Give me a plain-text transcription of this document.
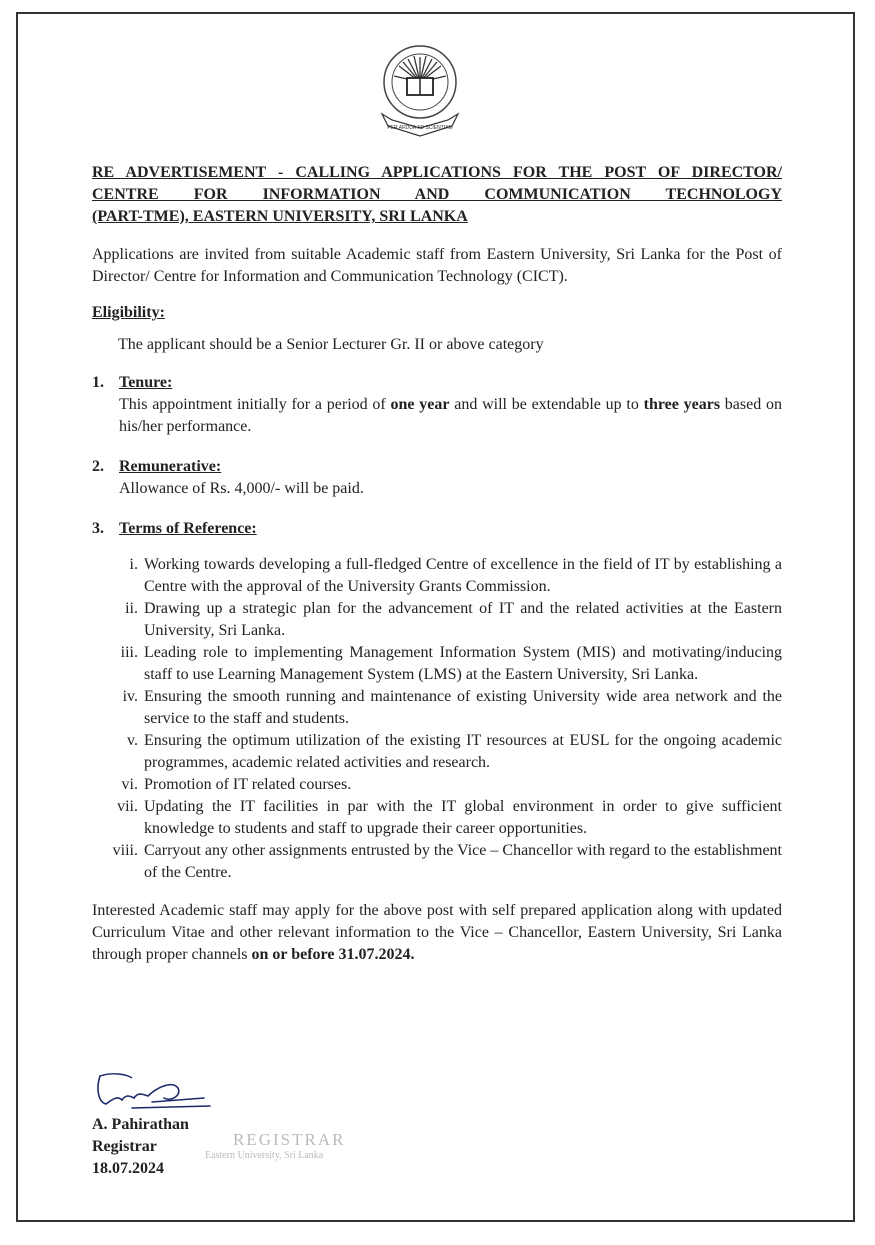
PER ARDUA AD SCIENTIAM
RE ADVERTISEMENT - CALLING APPLICATIONS FOR THE POST OF DIRECTOR/
CENTRE FOR INFORMATION AND COMMUNICATION TECHNOLOGY
(PART-TME), EASTERN UNIVERSITY, SRI LANKA

Applications are invited from suitable Academic staff from Eastern University, Sri Lanka for the Post of Director/ Centre for Information and Communication Technology (CICT).

Eligibility:
The applicant should be a Senior Lecturer Gr. II or above category
1. Tenure:
This appointment initially for a period of one year and will be extendable up to three years based on his/her performance.
2. Remunerative:
Allowance of Rs. 4,000/- will be paid.
3. Terms of Reference:
i. Working towards developing a full-fledged Centre of excellence in the field of IT by establishing a Centre with the approval of the University Grants Commission.
ii. Drawing up a strategic plan for the advancement of IT and the related activities at the Eastern University, Sri Lanka.
iii. Leading role to implementing Management Information System (MIS) and motivating/inducing staff to use Learning Management System (LMS) at the Eastern University, Sri Lanka.
iv. Ensuring the smooth running and maintenance of existing University wide area network and the service to the staff and students.
v. Ensuring the optimum utilization of the existing IT resources at EUSL for the ongoing academic programmes, academic related activities and research.
vi. Promotion of IT related courses.
vii. Updating the IT facilities in par with the IT global environment in order to give sufficient knowledge to students and staff to upgrade their career opportunities.
viii. Carryout any other assignments entrusted by the Vice – Chancellor with regard to the establishment of the Centre.

Interested Academic staff may apply for the above post with self prepared application along with updated Curriculum Vitae and other relevant information to the Vice – Chancellor, Eastern University, Sri Lanka through proper channels on or before 31.07.2024.

A. Pahirathan
Registrar
18.07.2024
REGISTRAR
Eastern University, Sri Lanka
